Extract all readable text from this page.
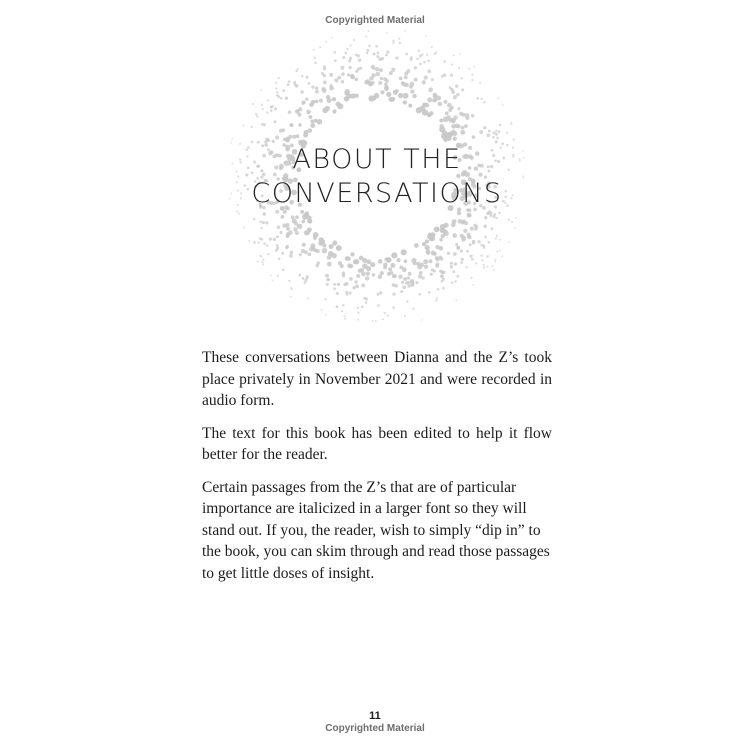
Copyrighted Material
ABOUT THE
CONVERSATIONS

These conversations between Dianna and the Z’s took place privately in November 2021 and were recorded in audio form.

The text for this book has been edited to help it flow better for the reader.

Certain passages from the Z’s that are of particular importance are italicized in a larger font so they will stand out. If you, the reader, wish to simply “dip in” to the book, you can skim through and read those passages to get little doses of insight.

11
Copyrighted Material
